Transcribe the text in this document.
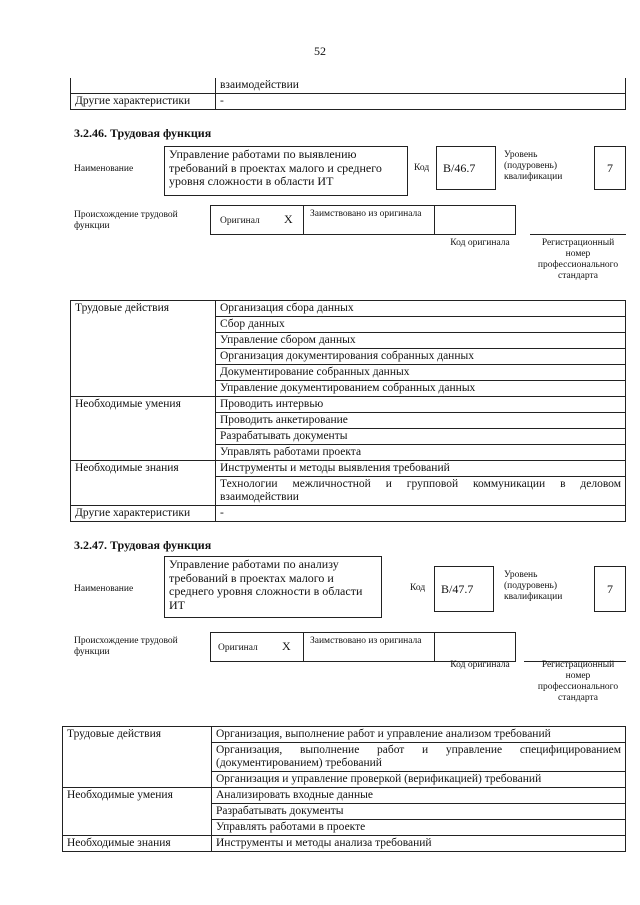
52
	взаимодействии
Другие характеристики	-
3.2.46. Трудовая функция
Наименование
Управление работами по выявлению требований в проектах малого и среднего уровня сложности в области ИТ
Код	B/46.7
Уровень (подуровень) квалификации
7
Происхождение трудовой функции	Оригинал X Заимствовано из оригинала
Код оригинала	Регистрационный номер профессионального стандарта
Трудовые действия	Организация сбора данных
	Сбор данных
	Управление сбором данных
	Организация документирования собранных данных
	Документирование собранных данных
	Управление документированием собранных данных
Необходимые умения	Проводить интервью
	Проводить анкетирование
	Разрабатывать документы
	Управлять работами проекта
Необходимые знания	Инструменты и методы выявления требований
	Технологии межличностной и групповой коммуникации в деловом взаимодействии
Другие характеристики	-
3.2.47. Трудовая функция
Наименование
Управление работами по анализу требований в проектах малого и среднего уровня сложности в области ИТ
Код	B/47.7
Уровень (подуровень) квалификации
7
Происхождение трудовой функции	Оригинал X Заимствовано из оригинала
Код оригинала	Регистрационный номер профессионального стандарта
Трудовые действия	Организация, выполнение работ и управление анализом требований
	Организация, выполнение работ и управление специфицированием (документированием) требований
	Организация и управление проверкой (верификацией) требований
Необходимые умения	Анализировать входные данные
	Разрабатывать документы
	Управлять работами в проекте
Необходимые знания	Инструменты и методы анализа требований
